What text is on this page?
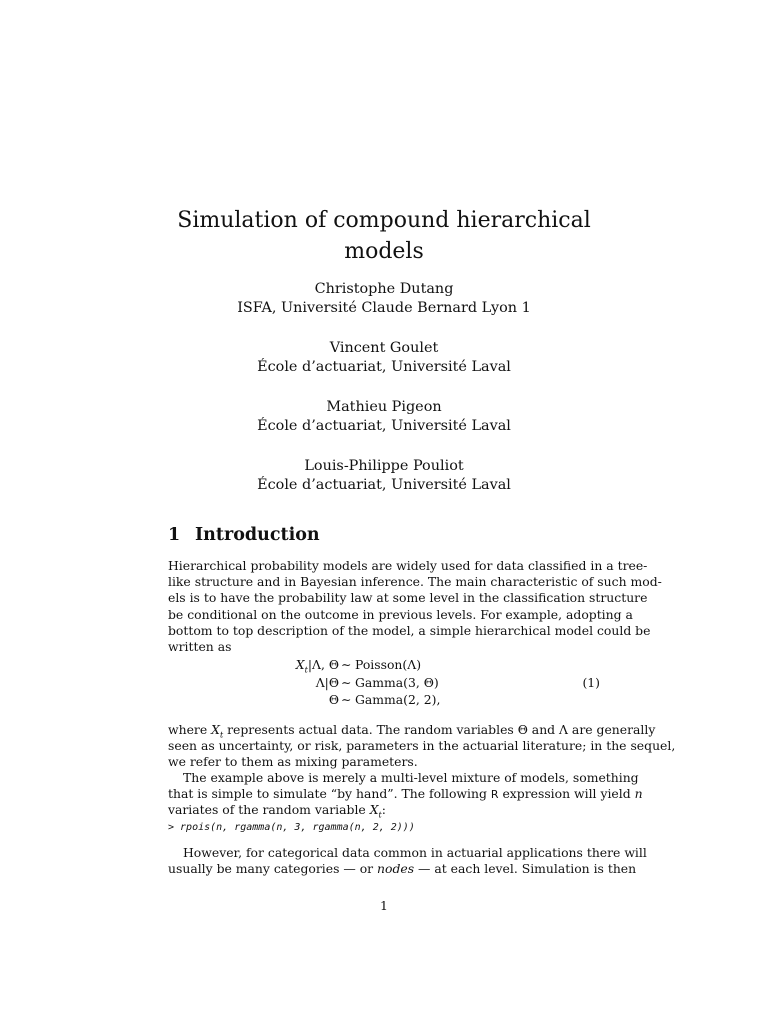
Simulation of compound hierarchical
models
Christophe Dutang
ISFA, Université Claude Bernard Lyon 1
Vincent Goulet
École d’actuariat, Université Laval
Mathieu Pigeon
École d’actuariat, Université Laval
Louis-Philippe Pouliot
École d’actuariat, Université Laval
1 Introduction
Hierarchical probability models are widely used for data classified in a tree-
like structure and in Bayesian inference. The main characteristic of such mod-
els is to have the probability law at some level in the classification structure
be conditional on the outcome in previous levels. For example, adopting a
bottom to top description of the model, a simple hierarchical model could be
written as
$X_t|\Lambda$, Θ ∼ Poisson(Λ)
Λ|Θ ∼ Gamma(3, Θ)	(1)
Θ ∼ Gamma(2, 2),
where $X_t$ represents actual data. The random variables Θ and Λ are generally
seen as uncertainty, or risk, parameters in the actuarial literature; in the sequel,
we refer to them as mixing parameters.
The example above is merely a multi-level mixture of models, something
that is simple to simulate “by hand”. The following R expression will yield n
variates of the random variable $X_t$:
> rpois(n, rgamma(n, 3, rgamma(n, 2, 2)))
However, for categorical data common in actuarial applications there will
usually be many categories — or nodes — at each level. Simulation is then
1
